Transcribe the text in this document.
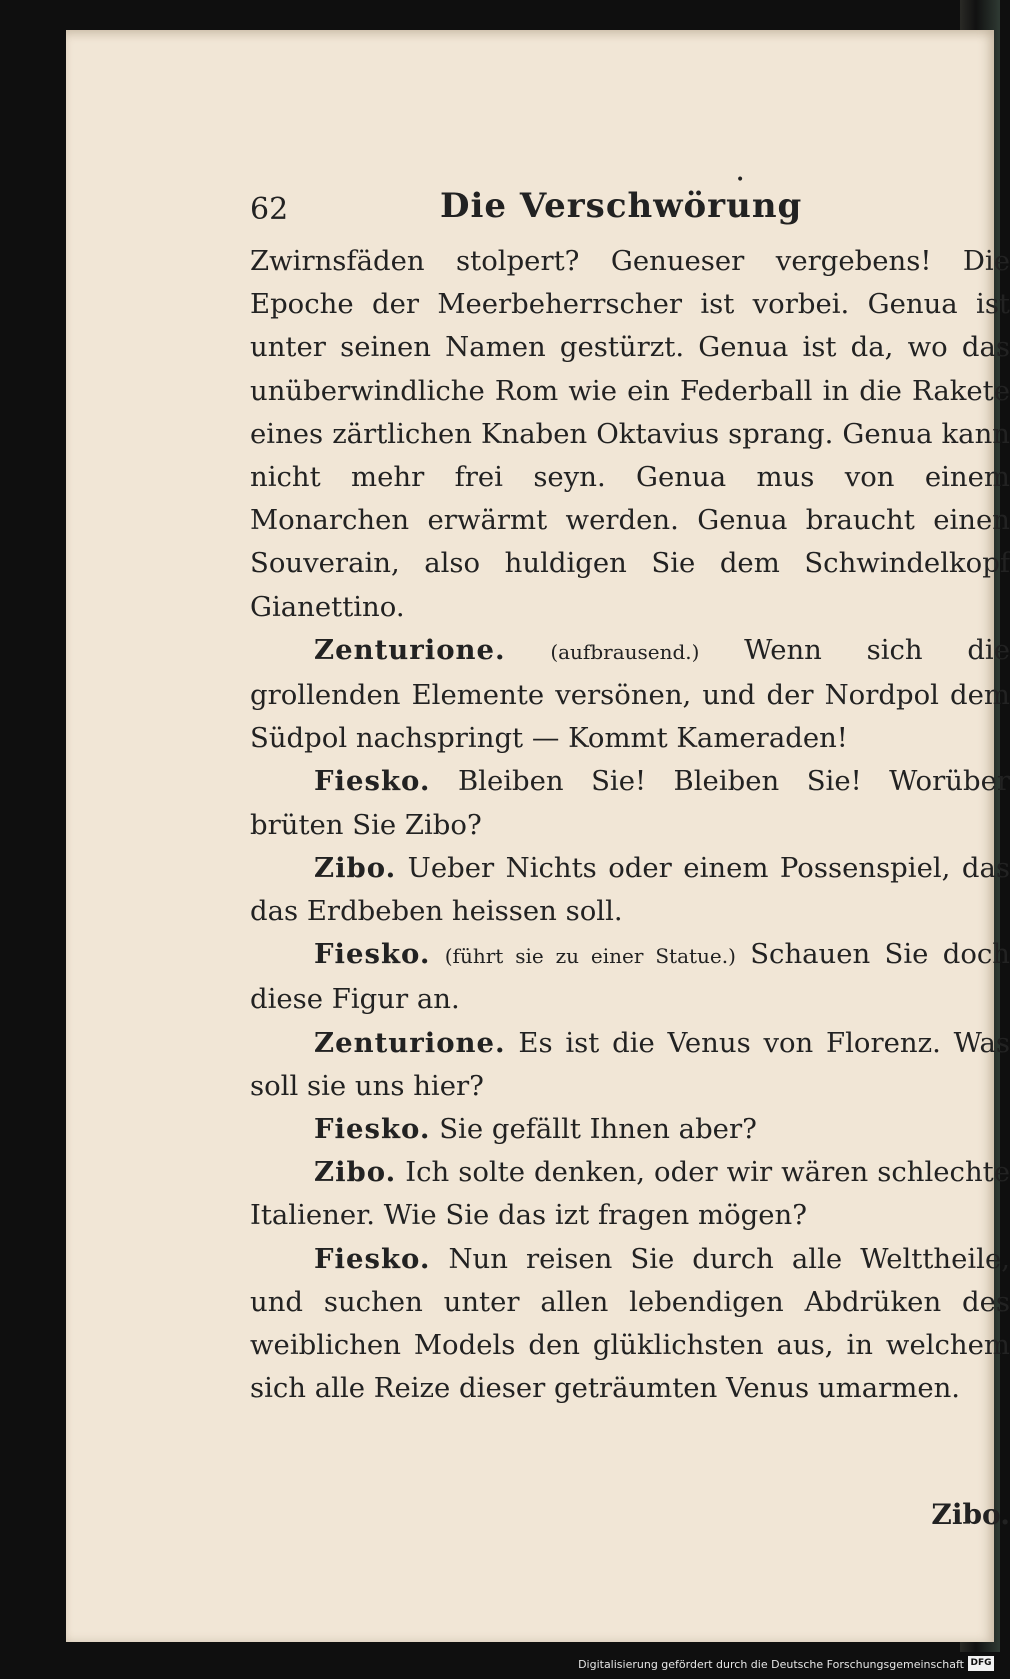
62
•
Die Verschwörung

Zwirnsfäden stolpert? Genueser vergebens! Die Epoche der Meerbeherrscher ist vorbei. Genua ist unter seinen Namen gestürzt. Genua ist da, wo das unüberwindliche Rom wie ein Federball in die Rakete eines zärtlichen Knaben Oktavius sprang. Genua kann nicht mehr frei seyn. Genua mus von einem Monarchen erwärmt werden. Genua braucht einen Souverain, also huldigen Sie dem Schwindelkopf Gianettino.

Zenturione. (aufbrausend.) Wenn sich die grollenden Elemente versönen, und der Nordpol dem Südpol nachspringt — Kommt Kameraden!

Fiesko. Bleiben Sie! Bleiben Sie! Worüber brüten Sie Zibo?

Zibo. Ueber Nichts oder einem Possenspiel, das das Erdbeben heissen soll.

Fiesko. (führt sie zu einer Statue.) Schauen Sie doch diese Figur an.

Zenturione. Es ist die Venus von Florenz. Was soll sie uns hier?

Fiesko. Sie gefällt Ihnen aber?

Zibo. Ich solte denken, oder wir wären schlechte Italiener. Wie Sie das izt fragen mögen?

Fiesko. Nun reisen Sie durch alle Welttheile, und suchen unter allen lebendigen Abdrüken des weiblichen Models den glüklichsten aus, in welchem sich alle Reize dieser geträumten Venus umarmen.

Zibo.
Digitalisierung gefördert durch die Deutsche Forschungsgemeinschaft DFG
